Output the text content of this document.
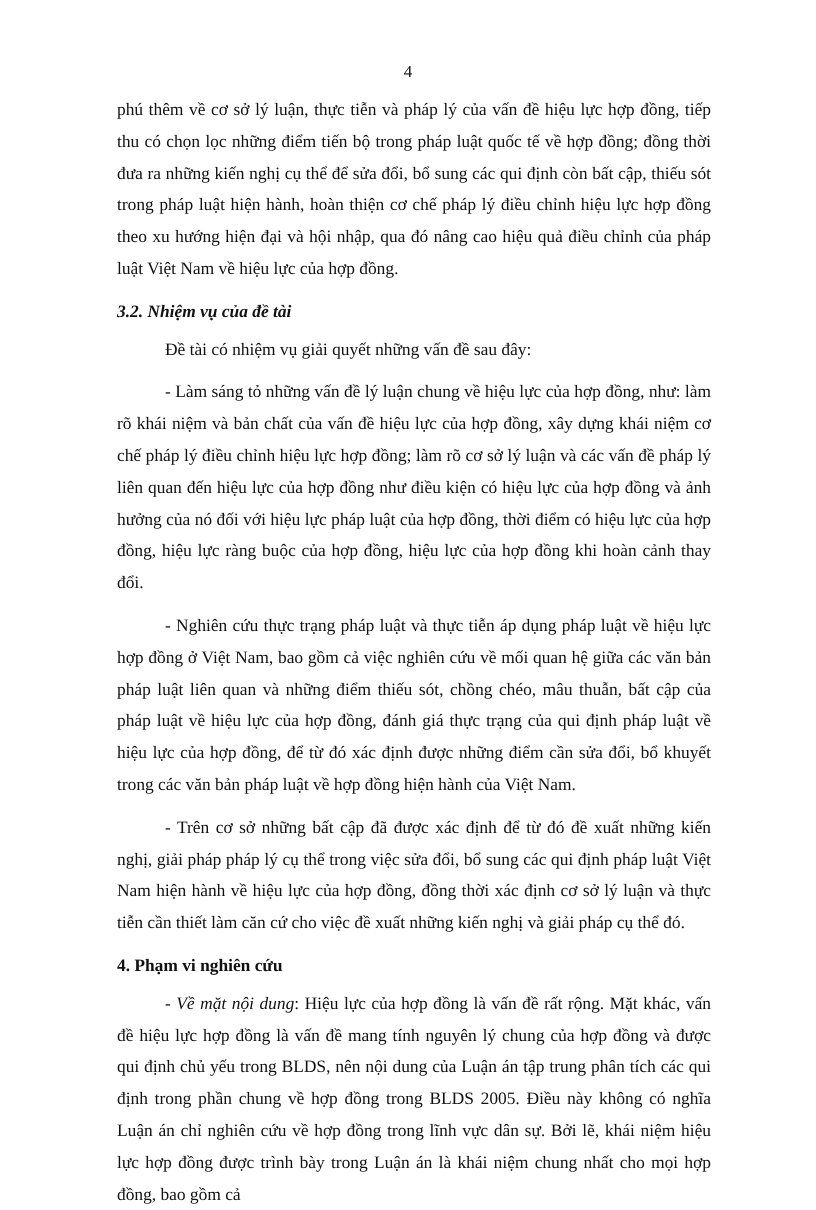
4

phú thêm về cơ sở lý luận, thực tiễn và pháp lý của vấn đề hiệu lực hợp đồng, tiếp thu có chọn lọc những điểm tiến bộ trong pháp luật quốc tế về hợp đồng; đồng thời đưa ra những kiến nghị cụ thể để sửa đổi, bổ sung các qui định còn bất cập, thiếu sót trong pháp luật hiện hành, hoàn thiện cơ chế pháp lý điều chỉnh hiệu lực hợp đồng theo xu hướng hiện đại và hội nhập, qua đó nâng cao hiệu quả điều chỉnh của pháp luật Việt Nam về hiệu lực của hợp đồng.

3.2. Nhiệm vụ của đề tài

Đề tài có nhiệm vụ giải quyết những vấn đề sau đây:

- Làm sáng tỏ những vấn đề lý luận chung về hiệu lực của hợp đồng, như: làm rõ khái niệm và bản chất của vấn đề hiệu lực của hợp đồng, xây dựng khái niệm cơ chế pháp lý điều chỉnh hiệu lực hợp đồng; làm rõ cơ sở lý luận và các vấn đề pháp lý liên quan đến hiệu lực của hợp đồng như điều kiện có hiệu lực của hợp đồng và ảnh hưởng của nó đối với hiệu lực pháp luật của hợp đồng, thời điểm có hiệu lực của hợp đồng, hiệu lực ràng buộc của hợp đồng, hiệu lực của hợp đồng khi hoàn cảnh thay đổi.

- Nghiên cứu thực trạng pháp luật và thực tiễn áp dụng pháp luật về hiệu lực hợp đồng ở Việt Nam, bao gồm cả việc nghiên cứu về mối quan hệ giữa các văn bản pháp luật liên quan và những điểm thiếu sót, chồng chéo, mâu thuẫn, bất cập của pháp luật về hiệu lực của hợp đồng, đánh giá thực trạng của qui định pháp luật về hiệu lực của hợp đồng, để từ đó xác định được những điểm cần sửa đổi, bổ khuyết trong các văn bản pháp luật về hợp đồng hiện hành của Việt Nam.

- Trên cơ sở những bất cập đã được xác định để từ đó đề xuất những kiến nghị, giải pháp pháp lý cụ thể trong việc sửa đổi, bổ sung các qui định pháp luật Việt Nam hiện hành về hiệu lực của hợp đồng, đồng thời xác định cơ sở lý luận và thực tiễn cần thiết làm căn cứ cho việc đề xuất những kiến nghị và giải pháp cụ thể đó.

4. Phạm vi nghiên cứu

- Về mặt nội dung: Hiệu lực của hợp đồng là vấn đề rất rộng. Mặt khác, vấn đề hiệu lực hợp đồng là vấn đề mang tính nguyên lý chung của hợp đồng và được qui định chủ yếu trong BLDS, nên nội dung của Luận án tập trung phân tích các qui định trong phần chung về hợp đồng trong BLDS 2005. Điều này không có nghĩa Luận án chỉ nghiên cứu về hợp đồng trong lĩnh vực dân sự. Bởi lẽ, khái niệm hiệu lực hợp đồng được trình bày trong Luận án là khái niệm chung nhất cho mọi hợp đồng, bao gồm cả
